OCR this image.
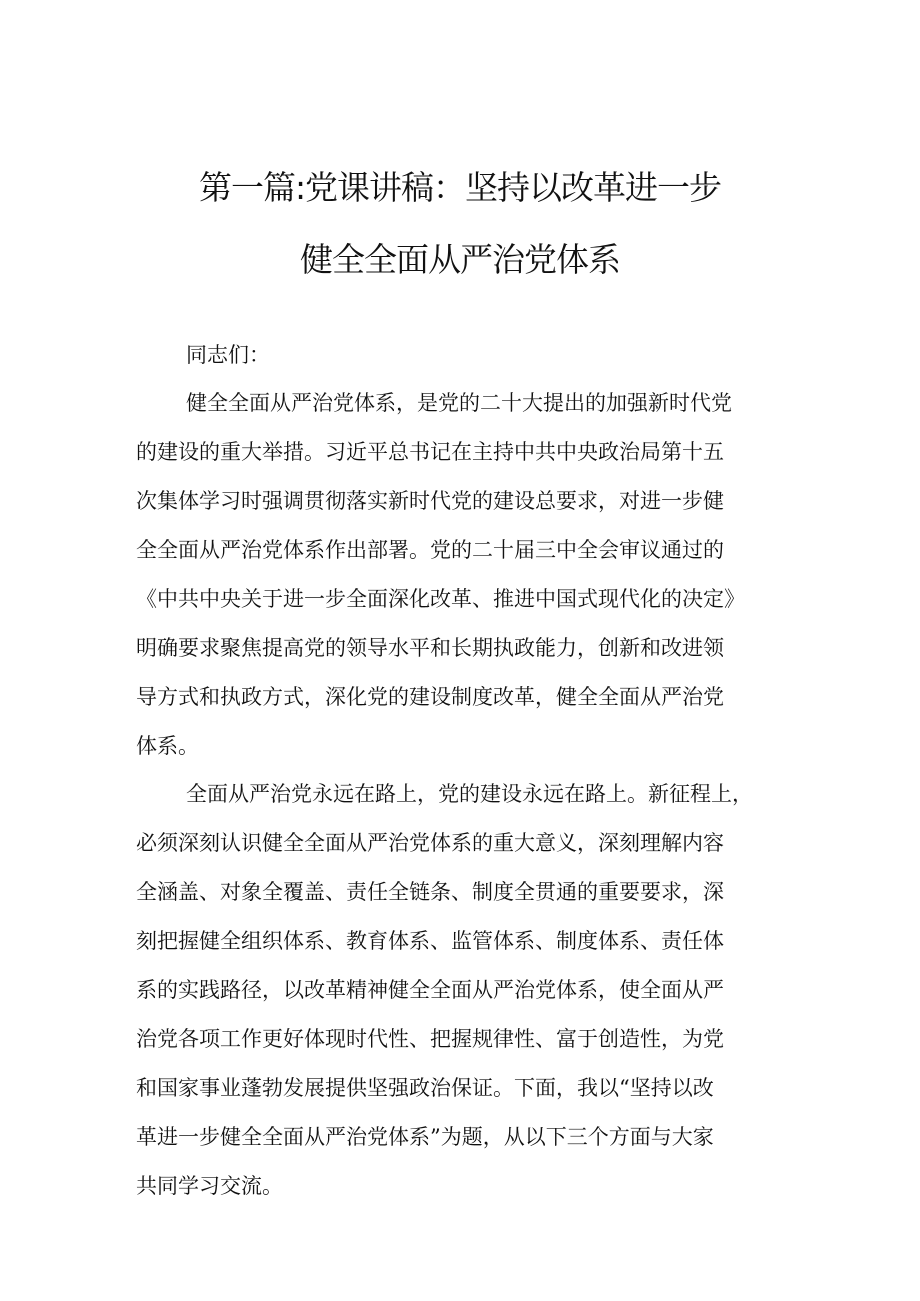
第一篇:党课讲稿：坚持以改革进一步
健全全面从严治党体系
同志们：
健全全面从严治党体系，是党的二十大提出的加强新时代党
的建设的重大举措。习近平总书记在主持中共中央政治局第十五
次集体学习时强调贯彻落实新时代党的建设总要求，对进一步健
全全面从严治党体系作出部署。党的二十届三中全会审议通过的
《中共中央关于进一步全面深化改革、推进中国式现代化的决定》
明确要求聚焦提高党的领导水平和长期执政能力，创新和改进领
导方式和执政方式，深化党的建设制度改革，健全全面从严治党
体系。
全面从严治党永远在路上，党的建设永远在路上。新征程上，
必须深刻认识健全全面从严治党体系的重大意义，深刻理解内容
全涵盖、对象全覆盖、责任全链条、制度全贯通的重要要求，深
刻把握健全组织体系、教育体系、监管体系、制度体系、责任体
系的实践路径，以改革精神健全全面从严治党体系，使全面从严
治党各项工作更好体现时代性、把握规律性、富于创造性，为党
和国家事业蓬勃发展提供坚强政治保证。下面，我以“坚持以改
革进一步健全全面从严治党体系”为题，从以下三个方面与大家
共同学习交流。
